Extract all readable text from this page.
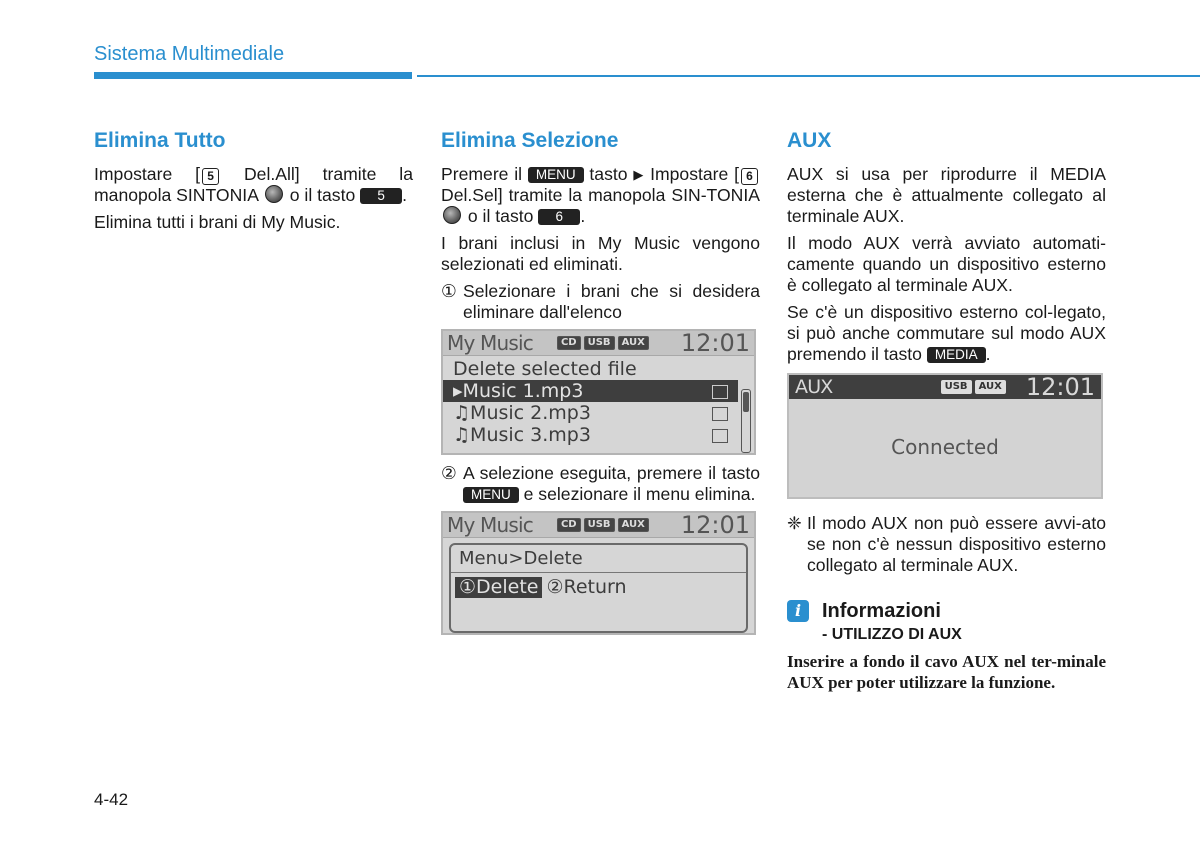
Sistema Multimediale
Elimina Tutto

Impostare [ 5 Del.All] tramite la manopola SINTONIA  o il tasto 5 .

Elimina tutti i brani di My Music.

Elimina Selezione

Premere il MENU tasto ▶ Impostare [ 6 Del.Sel] tramite la manopola SIN-TONIA  o il tasto 6 .

I brani inclusi in My Music vengono selezionati ed eliminati.

① Selezionare i brani che si desidera eliminare dall'elenco
My Music	CD	USB	AUX 12:01
Delete selected file
▸Music 1.mp3
♫Music 2.mp3
♫Music 3.mp3
② A selezione eseguita, premere il tasto MENU e selezionare il menu elimina.
My Music	CD	USB	AUX 12:01
Menu>Delete
①Delete ②Return
AUX

AUX si usa per riprodurre il MEDIA esterna che è attualmente collegato al terminale AUX.

Il modo AUX verrà avviato automati-camente quando un dispositivo esterno è collegato al terminale AUX.

Se c'è un dispositivo esterno col-legato, si può anche commutare sul modo AUX premendo il tasto MEDIA .

AUX	USB	AUX 12:01
Connected
❈ Il modo AUX non può essere avvi-ato se non c'è nessun dispositivo esterno collegato al terminale AUX.
i	Informazioni
- UTILIZZO DI AUX
Inserire a fondo il cavo AUX nel ter-minale AUX per poter utilizzare la funzione.
4-42
